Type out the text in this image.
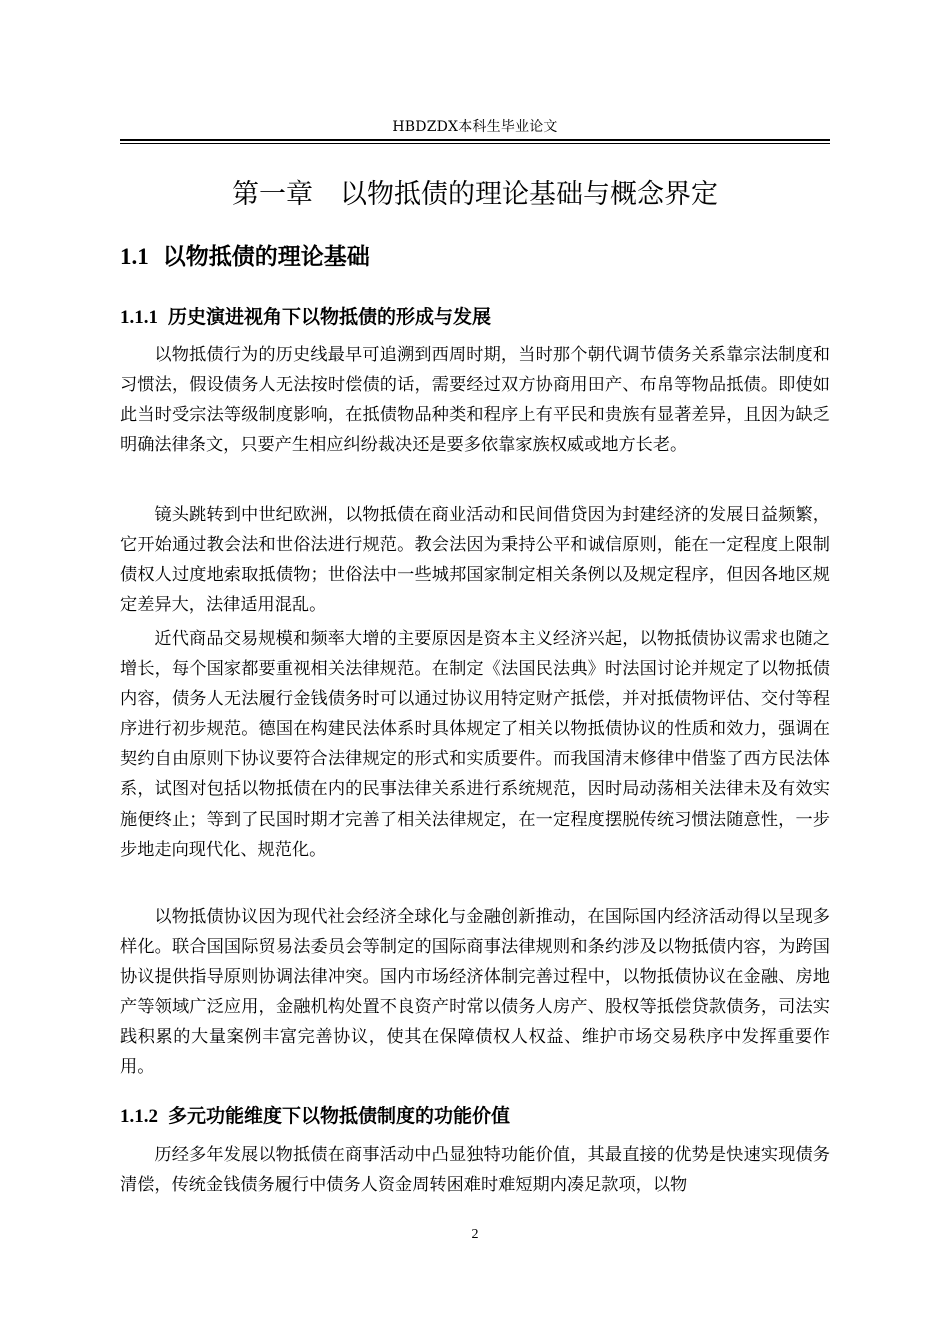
HBDZDX本科生毕业论文
第一章　以物抵债的理论基础与概念界定
1.1 以物抵债的理论基础
1.1.1 历史演进视角下以物抵债的形成与发展

以物抵债行为的历史线最早可追溯到西周时期，当时那个朝代调节债务关系靠宗法制度和习惯法，假设债务人无法按时偿债的话，需要经过双方协商用田产、布帛等物品抵债。即使如此当时受宗法等级制度影响，在抵债物品种类和程序上有平民和贵族有显著差异，且因为缺乏明确法律条文，只要产生相应纠纷裁决还是要多依靠家族权威或地方长老。

镜头跳转到中世纪欧洲，以物抵债在商业活动和民间借贷因为封建经济的发展日益频繁，它开始通过教会法和世俗法进行规范。教会法因为秉持公平和诚信原则，能在一定程度上限制债权人过度地索取抵债物；世俗法中一些城邦国家制定相关条例以及规定程序，但因各地区规定差异大，法律适用混乱。

近代商品交易规模和频率大增的主要原因是资本主义经济兴起，以物抵债协议需求也随之增长，每个国家都要重视相关法律规范。在制定《法国民法典》时法国讨论并规定了以物抵债内容，债务人无法履行金钱债务时可以通过协议用特定财产抵偿，并对抵债物评估、交付等程序进行初步规范。德国在构建民法体系时具体规定了相关以物抵债协议的性质和效力，强调在契约自由原则下协议要符合法律规定的形式和实质要件。而我国清末修律中借鉴了西方民法体系，试图对包括以物抵债在内的民事法律关系进行系统规范，因时局动荡相关法律未及有效实施便终止；等到了民国时期才完善了相关法律规定，在一定程度摆脱传统习惯法随意性，一步步地走向现代化、规范化。

以物抵债协议因为现代社会经济全球化与金融创新推动，在国际国内经济活动得以呈现多样化。联合国国际贸易法委员会等制定的国际商事法律规则和条约涉及以物抵债内容，为跨国协议提供指导原则协调法律冲突。国内市场经济体制完善过程中，以物抵债协议在金融、房地产等领域广泛应用，金融机构处置不良资产时常以债务人房产、股权等抵偿贷款债务，司法实践积累的大量案例丰富完善协议，使其在保障债权人权益、维护市场交易秩序中发挥重要作用。

1.1.2 多元功能维度下以物抵债制度的功能价值

历经多年发展以物抵债在商事活动中凸显独特功能价值，其最直接的优势是快速实现债务清偿，传统金钱债务履行中债务人资金周转困难时难短期内凑足款项，以物

2
